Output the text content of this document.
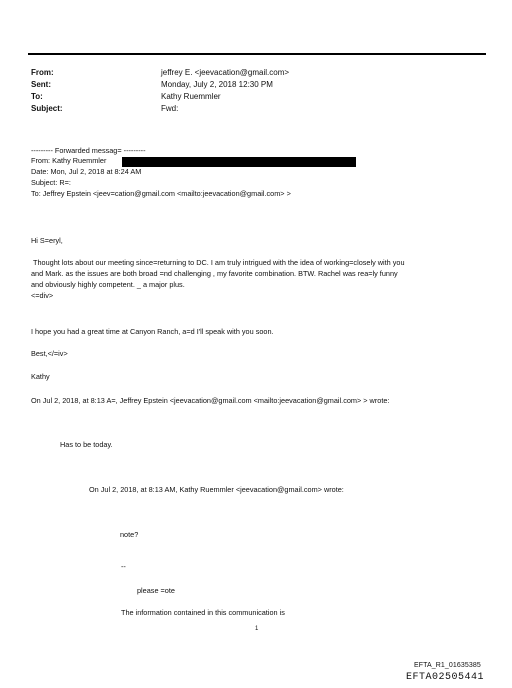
From:	jeffrey E. <jeevacation@gmail.com>
Sent:	Monday, July 2, 2018 12:30 PM
To:	Kathy Ruemmler
Subject:	Fwd:
--------- Forwarded messag= ---------
From: Kathy Ruemmler
Date: Mon, Jul 2, 2018 at 8:24 AM
Subject: R=:
To: Jeffrey Epstein <jeev=cation@gmail.com <mailto:jeevacation@gmail.com> >
Hi S=eryl,
Thought lots about our meeting since=returning to DC. I am truly intrigued with the idea of working=closely with you
and Mark. as the issues are both broad =nd challenging , my favorite combination. BTW. Rachel was rea=ly funny
and obviously highly competent. _ a major plus.
<=div>
I hope you had a great time at Canyon Ranch, a=d I'll speak with you soon.
Best,</=iv>
Kathy
On Jul 2, 2018, at 8:13 A=, Jeffrey Epstein <jeevacation@gmail.com <mailto:jeevacation@gmail.com> > wrote:
Has to be today.
On Jul 2, 2018, at 8:13 AM, Kathy Ruemmler <jeevacation@gmail.com> wrote:
note?
--
please =ote
The information contained in this communication is
1
EFTA_R1_01635385
EFTA02505441
